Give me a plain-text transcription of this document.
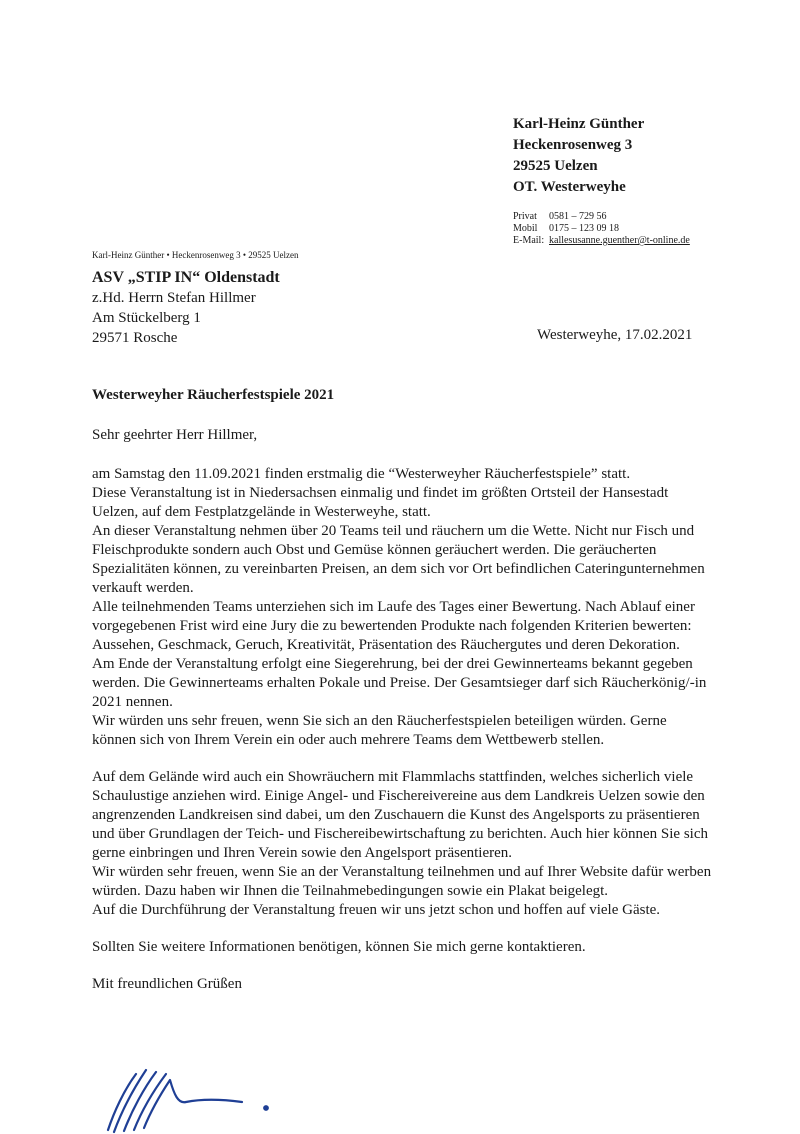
Karl-Heinz Günther
Heckenrosenweg 3
29525 Uelzen
OT. Westerweyhe
Privat 0581 – 729 56
Mobil 0175 – 123 09 18
E-Mail: kallesusanne.guenther@t-online.de
Karl-Heinz Günther • Heckenrosenweg 3 • 29525 Uelzen
ASV „STIP IN“ Oldenstadt
z.Hd. Herrn Stefan Hillmer
Am Stückelberg 1
29571 Rosche	Westerweyhe, 17.02.2021
Westerweyher Räucherfestspiele 2021

Sehr geehrter Herr Hillmer,

am Samstag den 11.09.2021 finden erstmalig die “Westerweyher Räucherfestspiele” statt.

Diese Veranstaltung ist in Niedersachsen einmalig und findet im größten Ortsteil der Hansestadt Uelzen, auf dem Festplatzgelände in Westerweyhe, statt.

An dieser Veranstaltung nehmen über 20 Teams teil und räuchern um die Wette. Nicht nur Fisch und Fleischprodukte sondern auch Obst und Gemüse können geräuchert werden. Die geräucherten Spezialitäten können, zu vereinbarten Preisen, an dem sich vor Ort befindlichen Cateringunternehmen verkauft werden.

Alle teilnehmenden Teams unterziehen sich im Laufe des Tages einer Bewertung. Nach Ablauf einer vorgegebenen Frist wird eine Jury die zu bewertenden Produkte nach folgenden Kriterien bewerten: Aussehen, Geschmack, Geruch, Kreativität, Präsentation des Räuchergutes und deren Dekoration.

Am Ende der Veranstaltung erfolgt eine Siegerehrung, bei der drei Gewinnerteams bekannt gegeben werden. Die Gewinnerteams erhalten Pokale und Preise. Der Gesamtsieger darf sich Räucherkönig/-in 2021 nennen.

Wir würden uns sehr freuen, wenn Sie sich an den Räucherfestspielen beteiligen würden. Gerne können sich von Ihrem Verein ein oder auch mehrere Teams dem Wettbewerb stellen.

Auf dem Gelände wird auch ein Showräuchern mit Flammlachs stattfinden, welches sicherlich viele Schaulustige anziehen wird. Einige Angel- und Fischereivereine aus dem Landkreis Uelzen sowie den angrenzenden Landkreisen sind dabei, um den Zuschauern die Kunst des Angelsports zu präsentieren und über Grundlagen der Teich- und Fischereibewirtschaftung zu berichten. Auch hier können Sie sich gerne einbringen und Ihren Verein sowie den Angelsport präsentieren.

Wir würden sehr freuen, wenn Sie an der Veranstaltung teilnehmen und auf Ihrer Website dafür werben würden. Dazu haben wir Ihnen die Teilnahmebedingungen sowie ein Plakat beigelegt.

Auf die Durchführung der Veranstaltung freuen wir uns jetzt schon und hoffen auf viele Gäste.

Sollten Sie weitere Informationen benötigen, können Sie mich gerne kontaktieren.

Mit freundlichen Grüßen
